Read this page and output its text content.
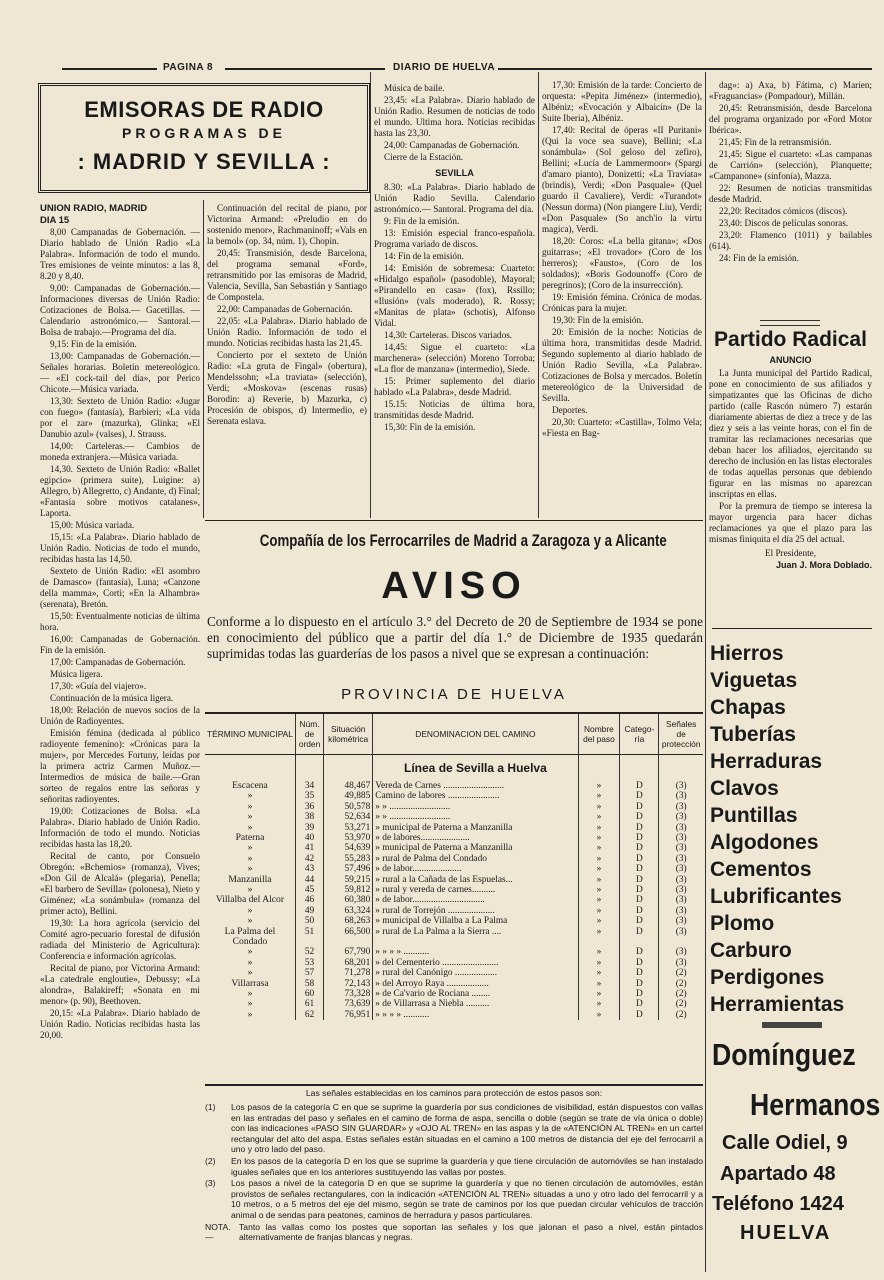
PAGINA 8	DIARIO DE HUELVA
EMISORAS DE RADIO
PROGRAMAS DE
: MADRID Y SEVILLA :

UNION RADIO, MADRID

DIA 15

8,00 Campanadas de Gobernación. — Diario hablado de Unión Radio «La Palabra». Información de todo el mundo. Tres emisiones de veinte minutos: a las 8, 8.20 y 8,40.

9,00: Campanadas de Gobernación.— Informaciones diversas de Unión Radio: Cotizaciones de Bolsa.— Gacetillas. — Calendario astronómico.— Santoral.—Bolsa de trabajo.—Programa del día.

9,15: Fin de la emisión.

13,00: Campanadas de Gobernación.— Señales horarias. Boletín metereológico. — «El cock-tail del día», por Perico Chicote.—Música variada.

13,30: Sexteto de Unión Radio: «Jugar con fuego» (fantasía), Barbieri; «La vida por el zar» (mazurka), Glinka; «El Danubio azul» (valses), J. Strauss.

14,00: Carteleras.— Cambios de moneda extranjera.—Música variada.

14,30. Sexteto de Unión Radio: «Ballet egipcio» (primera suite), Luigine: a) Allegro, b) Allegretto, c) Andante, d) Final; «Fantasía sobre motivos catalanes», Laporta.

15,00: Música variada.

15,15: «La Palabra». Diario hablado de Unión Radio. Noticias de todo el mundo, recibidas hasta las 14,50.

Sexteto de Unión Radio: «El asombro de Damasco» (fantasía), Luna; «Canzone della mamma», Corti; «En la Alhambra» (serenata), Bretón.

15,50: Eventualmente noticias de última hora.

16,00: Campanadas de Gobernación. Fin de la emisión.

17,00: Campanadas de Gobernación.

Música ligera.

17,30: «Guía del viajero».

Continuación de la música ligera.

18,00: Relación de nuevos socios de la Unión de Radioyentes.

Emisión fémina (dedicada al público radioyente femenino): «Crónicas para la mujer», por Mercedes Fortuny, leídas por la primera actriz Carmen Muñoz.— Intermedios de música de baile.—Gran sorteo de regalos entre las señoras y señoritas radioyentes.

19,00: Cotizaciones de Bolsa. «La Palabra». Diario hablado de Unión Radio. Información de todo el mundo. Noticias recibidas hasta las 18,20.

Recital de canto, por Consuelo Obregón: «Bchemios» (romanza), Vives; «Don Gil de Alcalá» (plegaria), Penella; «El barbero de Sevilla» (polonesa), Nieto y Giménez; «La sonámbula» (romanza del primer acto), Bellini.

19,30: La hora agrícola (servicio del Comité agro-pecuario forestal de difusión radiada del Ministerio de Agricultura): Conferencia e información agrícolas.

Recital de piano, por Victorina Armand: «La catedrale engloutie», Debussy; «La alondra», Balakireff; «Sonata en mi menor» (p. 90), Beethoven.

20,15: «La Palabra». Diario hablado de Unión Radio. Noticias recibidas hasta las 20,00.

Continuación del recital de piano, por Victorina Armand: «Preludio en do sostenido menor», Rachmaninoff; «Vals en la bemol» (op. 34, núm. 1), Chopin.

20,45: Transmisión, desde Barcelona, del programa semanal «Ford», retransmitido por las emisoras de Madrid, Valencia, Sevilla, San Sebastián y Santiago de Compostela.

22,00: Campanadas de Gobernación.

22,05: «La Palabra». Diario hablado de Unión Radio. Información de todo el mundo. Noticias recibidas hasta las 21,45.

Concierto por el sexteto de Unión Radio: «La gruta de Fingal» (obertura), Mendelssohn; «La traviata» (selección), Verdi; «Moskova» (escenas rusas) Borodin: a) Reverie, b) Mazurka, c) Procesión de obispos, d) Intermedio, e) Serenata eslava.

Música de baile.

23,45: «La Palabra». Diario hablado de Unión Radio. Resumen de noticias de todo el mundo. Ultima hora. Noticias recibidas hasta las 23,30.

24,00: Campanadas de Gobernación.

Cierre de la Estación.

SEVILLA

8.30: «La Palabra». Diario hablado de Unión Radio Sevilla. Calendario astronómico.— Santoral. Programa del día.

9: Fin de la emisión.

13: Emisión especial franco-española. Programa variado de discos.

14: Fin de la emisión.

14: Emisión de sobremesa: Cuarteto: «Hidalgo español» (pasodoble), Mayoral; «Pirandello en casa» (fox), Rssillo; «Ilusión» (vals moderado), R. Rossy; «Manitas de plata» (schotis), Alfonso Vidal.

14,30: Carteleras. Discos variados.

14,45: Sigue el cuarteto: «La marchenera» (selección) Moreno Torroba; «La flor de manzana» (intermedio), Siede.

15: Primer suplemento del diario hablado «La Palabra», desde Madrid.

15.15: Noticias de última hora, transmitidas desde Madrid.

15,30: Fin de la emisión.

17,30: Emisión de la tarde: Concierto de orquesta: «Pepita Jiménez» (intermedio), Albéniz; «Evocación y Albaicín» (De la Suite Iberia), Albéniz.

17,40: Recital de óperas «II Puritani» (Qui la voce sea suave), Bellini; «La sonámbula» (Sol geloso del zefiro), Bellini; «Lucía de Lammermoor» (Spargi d'amaro pianto), Donizetti; «La Traviata» (brindis), Verdi; «Don Pasquale» (Quel guardo il Cavaliere), Verdi: «Turandot» (Nessun dorma) (Non piangere Liu), Verdi; «Don Pasquale» (So anch'io la virtu magica), Verdi.

18,20: Coros: «La bella gitana»; «Dos guitarras»; «El trovador» (Coro de los herreros); «Fausto», (Coro de los soldados); «Boris Godounoff» (Coro de peregrinos); (Coro de la insurrección).

19: Emisión fémina. Crónica de modas. Crónicas para la mujer.

19,30: Fin de la emisión.

20: Emisión de la noche: Noticias de última hora, transmitidas desde Madrid. Segundo suplemento al diario hablado de Unión Radio Sevilla, «La Palabra». Cotizaciones de Bolsa y mercados. Boletín metereológico de la Universidad de Sevilla.

Deportes.

20,30: Cuarteto: «Castilla», Tolmo Vela; «Fiesta en Bag-

dag»: a) Axa, b) Fátima, c) Marien; «Fraguancias» (Pompadour), Millán.

20,45: Retransmisión, desde Barcelona del programa organizado por «Ford Motor Ibérica».

21,45: Fin de la retransmisión.

21,45: Sigue el cuarteto: «Las campanas de Carrión» (selección), Planquette; «Campanone» (sinfonía), Mazza.

22: Resumen de noticias transmitidas desde Madrid.

22,20: Recitados cómicos (discos).

23,40: Discos de películas sonoras.

23,20: Flamenco (1011) y bailables (614).

24: Fin de la emisión.

Partido Radical
ANUNCIO

La Junta municipal del Partido Radical, pone en conocimiento de sus afiliados y simpatizantes que las Oficinas de dicho partido (calle Rascón número 7) estarán diariamente abiertas de diez a trece y de las diez y seis a las veinte horas, con el fin de tramitar las reclamaciones necesarias que deban hacer los afiliados, ejercitando su derecho de inclusión en las listas electorales de todas aquellas personas que debiendo figurar en las mismas no aparezcan inscriptas en ellas.

Por la premura de tiempo se interesa la mayor urgencia para hacer dichas reclamaciones ya que el plazo para las mismas finiquita el día 25 del actual.

El Presidente,

Juan J. Mora Doblado.

Hierros
Viguetas
Chapas
Tuberías
Herraduras
Clavos
Puntillas
Algodones
Cementos
Lubrificantes
Plomo
Carburo
Perdigones
Herramientas
Domínguez
Hermanos
Calle Odiel, 9
Apartado 48
Teléfono 1424
HUELVA
Compañía de los Ferrocarriles de Madrid a Zaragoza y a Alicante
AVISO
Conforme a lo dispuesto en el artículo 3.° del Decreto de 20 de Septiembre de 1934 se pone en conocimiento del público que a partir del día 1.° de Diciembre de 1935 quedarán suprimidas todas las guarderías de los pasos a nivel que se expresan a continuación:
PROVINCIA DE HUELVA
TÉRMINO MUNICIPAL	Núm. de orden	Situación kilométrica	DENOMINACION DEL CAMINO	Nombre del paso	Catego-ría	Señales de protección
			Línea de Sevilla a Huelva			
Escacena	34	48,467	Vereda de Carnes ..........................	»	D	(3)
»	35	49,885	Camino de labores ......................	»	D	(3)
»	36	50,578	» » ..........................	»	D	(3)
»	38	52,634	» » ..........................	»	D	(3)
»	39	53,271	» municipal de Paterna a Manzanilla	»	D	(3)
Paterna	40	53,970	» de labores.....................	»	D	(3)
»	41	54,639	» municipal de Paterna a Manzanilla	»	D	(3)
»	42	55,283	» rural de Palma del Condado	»	D	(3)
»	43	57,496	» de labor.....................	»	D	(3)
Manzanilla	44	59,215	» rural a la Cañada de las Espuelas...	»	D	(3)
»	45	59,812	» rural y vereda de carnes..........	»	D	(3)
Villalba del Alcor	46	60,380	» de labor...............................	»	D	(3)
»	49	63,324	» rural de Torrejón ....................	»	D	(3)
»	50	68,263	» municipal de Villalba a La Palma	»	D	(3)
La Palma del Condado	51	66,500	» rural de La Palma a la Sierra ....	»	D	(3)
»	52	67,790	» » » » ...........	»	D	(3)
»	53	68,201	» del Cementerio ........................	»	D	(3)
»	57	71,278	» rural del Canónigo ..................	»	D	(2)
Villarrasa	58	72,143	» del Arroyo Raya ..................	»	D	(2)
»	60	73,328	» de Ca'vario de Rociana ........	»	D	(2)
»	61	73,639	» de Villarrasa a Niebla ..........	»	D	(2)
»	62	76,951	» » » » ...........	»	D	(2)
Las señales establecidas en los caminos para protección de estos pasos son:
(1)	Los pasos de la categoría C en que se suprime la guardería por sus condiciones de visibilidad, están dispuestos con vallas en las entradas del paso y señales en el camino de forma de aspa, sencilla o doble (según se trate de vía única o doble) con las indicaciones «PASO SIN GUARDAR» y «OJO AL TREN» en las aspas y la de «ATENCIÓN AL TREN» en un cartel rectangular del alto del aspa. Estas señales están situadas en el camino a 100 metros de distancia del eje del ferrocarril a uno y otro lado del paso.
(2)	En los pasos de la categoría D en los que se suprime la guardería y que tiene circulación de automóviles se han instalado iguales señales que en los anteriores sustituyendo las vallas por postes.
(3)	Los pasos a nivel de la categoría D en que se suprime la guardería y que no tienen circulación de automóviles, están provistos de señales rectangulares, con la indicación «ATENCIÓN AL TREN» situadas a uno y otro lado del ferrocarril y a 10 metros, o a 5 metros del eje del mismo, según se trate de caminos por los que puedan circular vehículos de tracción animal o de sendas para peatones, caminos de herradura y pasos particulares.
NOTA.—
Tanto las vallas como los postes que soportan las señales y los que jalonan el paso a nivel, están pintados alternativamente de franjas blancas y negras.
